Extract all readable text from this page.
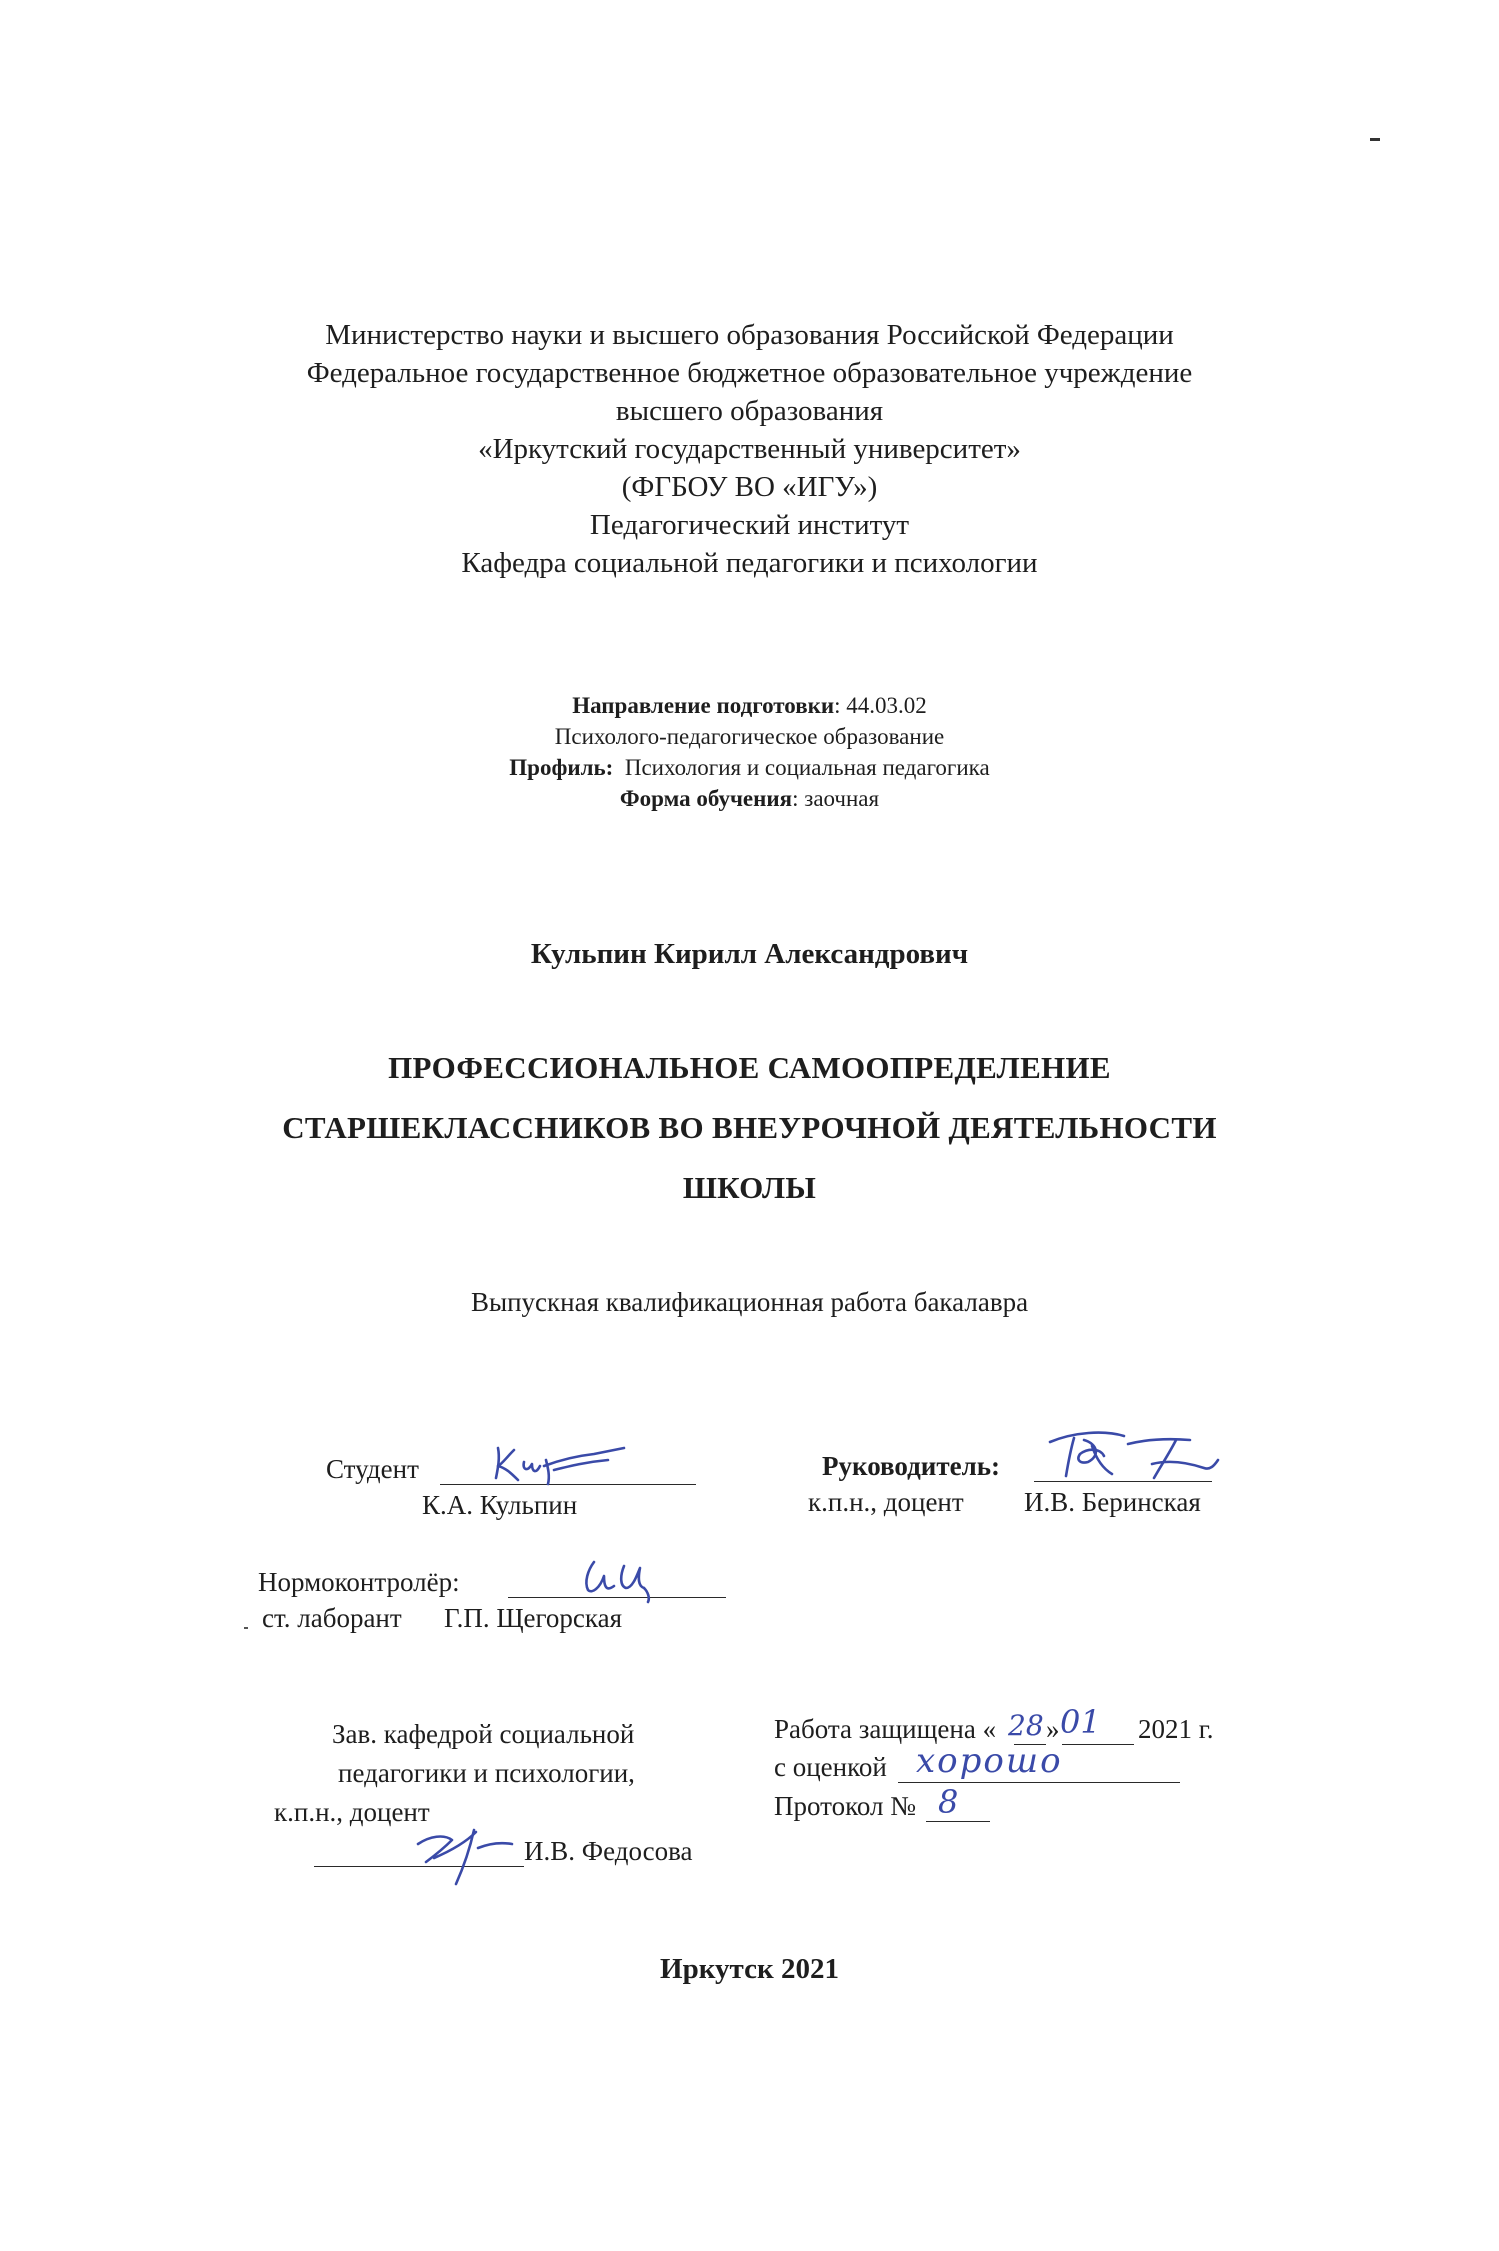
Министерство науки и высшего образования Российской Федерации
Федеральное государственное бюджетное образовательное учреждение
высшего образования
«Иркутский государственный университет»
(ФГБОУ ВО «ИГУ»)
Педагогический институт
Кафедра социальной педагогики и психологии
Направление подготовки: 44.03.02
Психолого-педагогическое образование
Профиль:  Психология и социальная педагогика
Форма обучения: заочная
Кульпин Кирилл Александрович
ПРОФЕССИОНАЛЬНОЕ САМООПРЕДЕЛЕНИЕ
СТАРШЕКЛАССНИКОВ ВО ВНЕУРОЧНОЙ ДЕЯТЕЛЬНОСТИ
ШКОЛЫ
Выпускная квалификационная работа бакалавра
Студент
К.А. Кульпин
Руководитель:
к.п.н., доцент И.В. Беринская
Нормоконтролёр:
ст. лаборант Г.П. Щегорская
Зав. кафедрой социальной
педагогики и психологии,
к.п.н., доцент
И.В. Федосова
Работа защищена « » 01
28	2021 г.
с оценкой хорошо
Протокол № 8
Иркутск 2021
